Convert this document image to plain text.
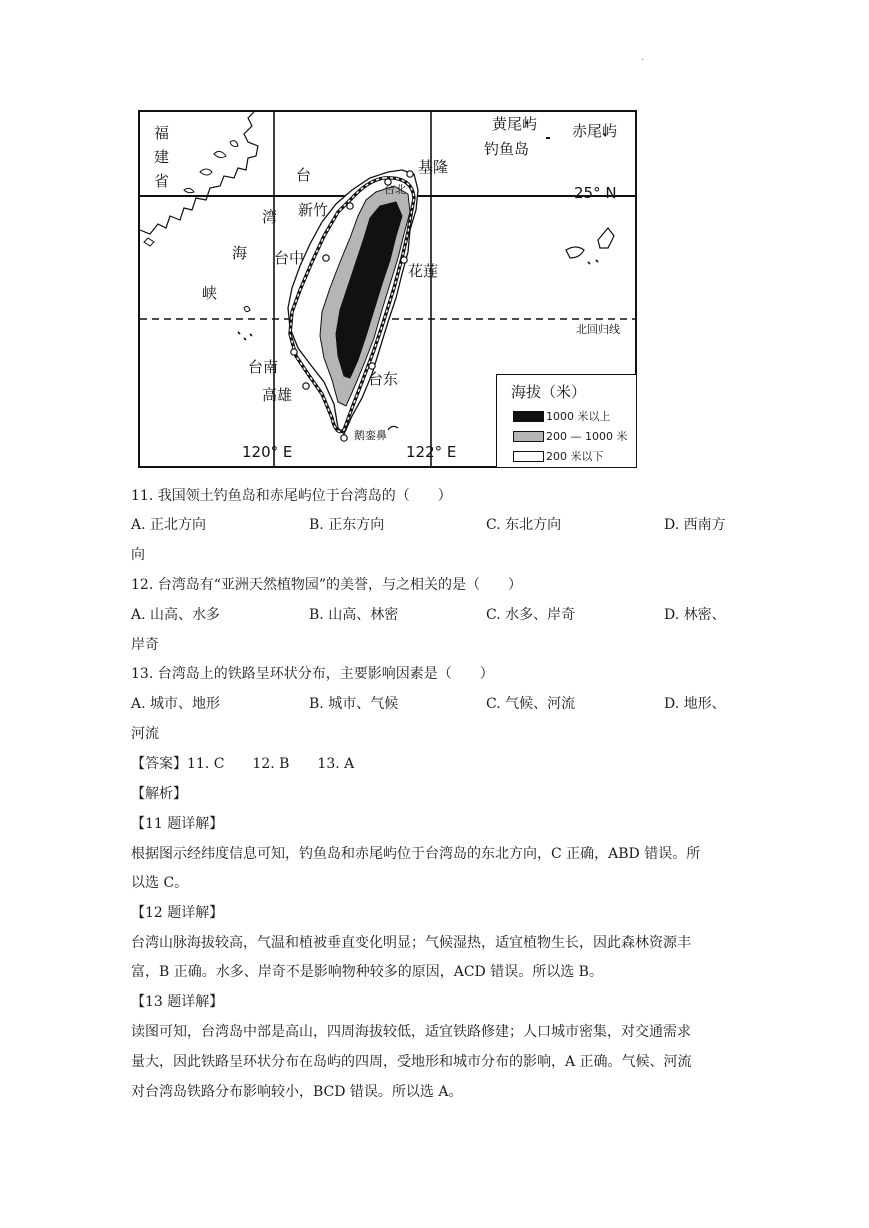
.
福
建
省	台
湾
海
峡
黄尾屿 赤尾屿
钓鱼岛
基隆
台北	25° N
新竹
台中
花莲
北回归线
台南
高雄
台东
鹅銮鼻
120° E	122° E
海拔（米）
1000 米以上
200 — 1000 米
200 米以下
11. 我国领土钓鱼岛和赤尾屿位于台湾岛的（　　）
A. 正北方向	B. 正东方向	C. 东北方向	D. 西南方
向
12. 台湾岛有“亚洲天然植物园”的美誉，与之相关的是（　　）
A. 山高、水多	B. 山高、林密	C. 水多、岸奇	D. 林密、
岸奇
13. 台湾岛上的铁路呈环状分布，主要影响因素是（　　）
A. 城市、地形	B. 城市、气候	C. 气候、河流	D. 地形、
河流
【答案】11. C　　12. B　　13. A
【解析】
【11 题详解】
根据图示经纬度信息可知，钓鱼岛和赤尾屿位于台湾岛的东北方向，C 正确，ABD 错误。所
以选 C。
【12 题详解】
台湾山脉海拔较高，气温和植被垂直变化明显；气候湿热，适宜植物生长，因此森林资源丰
富，B 正确。水多、岸奇不是影响物种较多的原因，ACD 错误。所以选 B。
【13 题详解】
读图可知，台湾岛中部是高山，四周海拔较低，适宜铁路修建；人口城市密集，对交通需求
量大，因此铁路呈环状分布在岛屿的四周，受地形和城市分布的影响，A 正确。气候、河流
对台湾岛铁路分布影响较小，BCD 错误。所以选 A。
